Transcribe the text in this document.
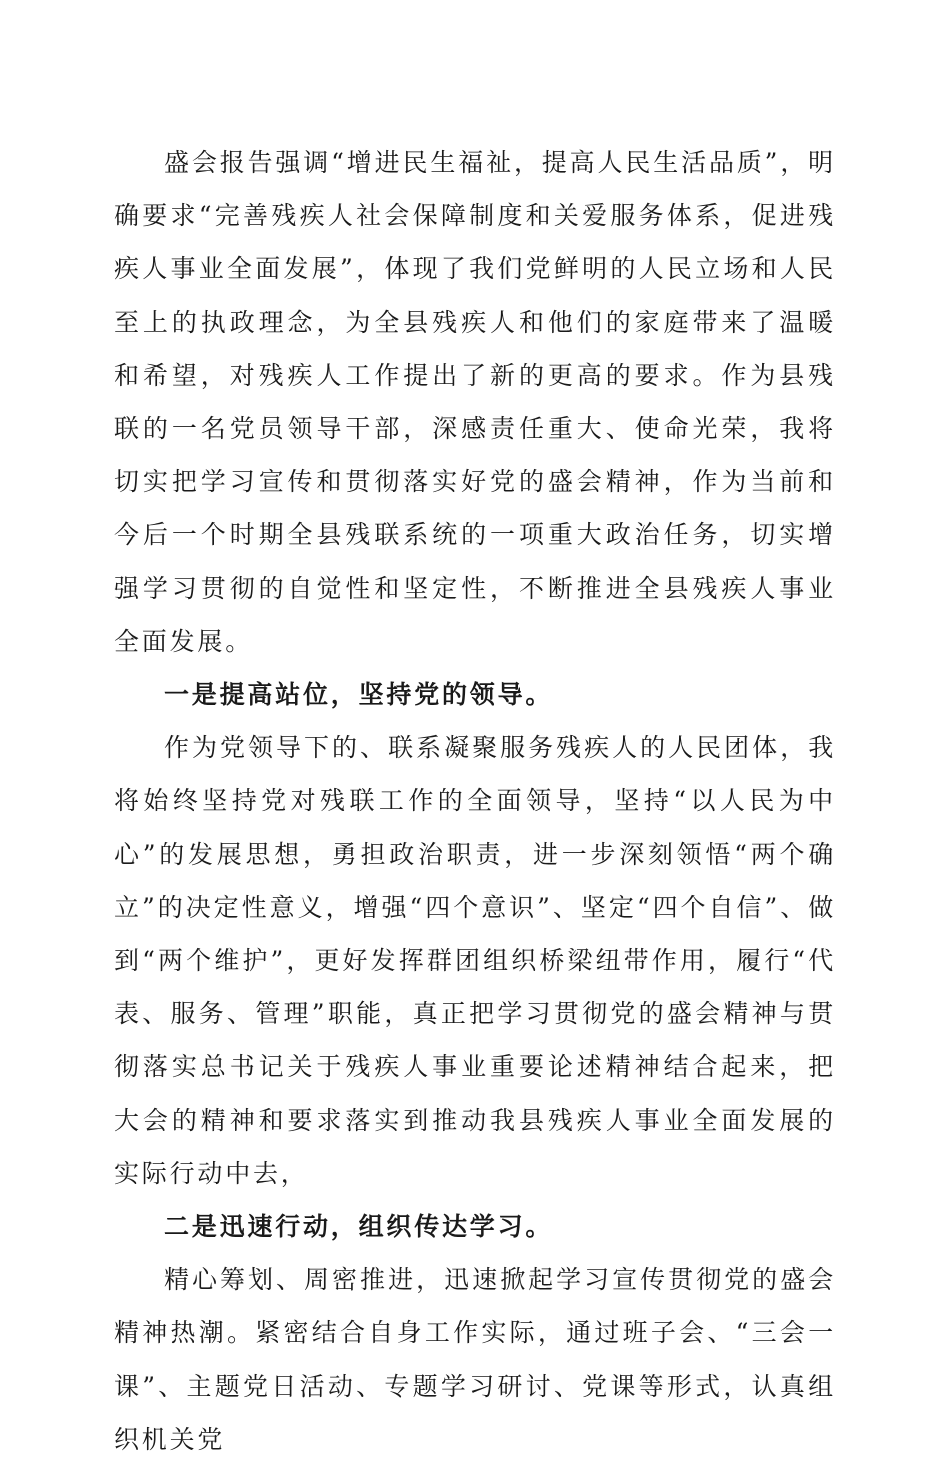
盛会报告强调“增进民生福祉，提高人民生活品质”，明确要求“完善残疾人社会保障制度和关爱服务体系，促进残疾人事业全面发展”，体现了我们党鲜明的人民立场和人民至上的执政理念，为全县残疾人和他们的家庭带来了温暖和希望，对残疾人工作提出了新的更高的要求。作为县残联的一名党员领导干部，深感责任重大、使命光荣，我将切实把学习宣传和贯彻落实好党的盛会精神，作为当前和今后一个时期全县残联系统的一项重大政治任务，切实增强学习贯彻的自觉性和坚定性，不断推进全县残疾人事业全面发展。

一是提高站位，坚持党的领导。

作为党领导下的、联系凝聚服务残疾人的人民团体，我将始终坚持党对残联工作的全面领导，坚持“以人民为中心”的发展思想，勇担政治职责，进一步深刻领悟“两个确立”的决定性意义，增强“四个意识”、坚定“四个自信”、做到“两个维护”，更好发挥群团组织桥梁纽带作用，履行“代表、服务、管理”职能，真正把学习贯彻党的盛会精神与贯彻落实总书记关于残疾人事业重要论述精神结合起来，把大会的精神和要求落实到推动我县残疾人事业全面发展的实际行动中去，

二是迅速行动，组织传达学习。

精心筹划、周密推进，迅速掀起学习宣传贯彻党的盛会精神热潮。紧密结合自身工作实际，通过班子会、“三会一课”、主题党日活动、专题学习研讨、党课等形式，认真组织机关党
